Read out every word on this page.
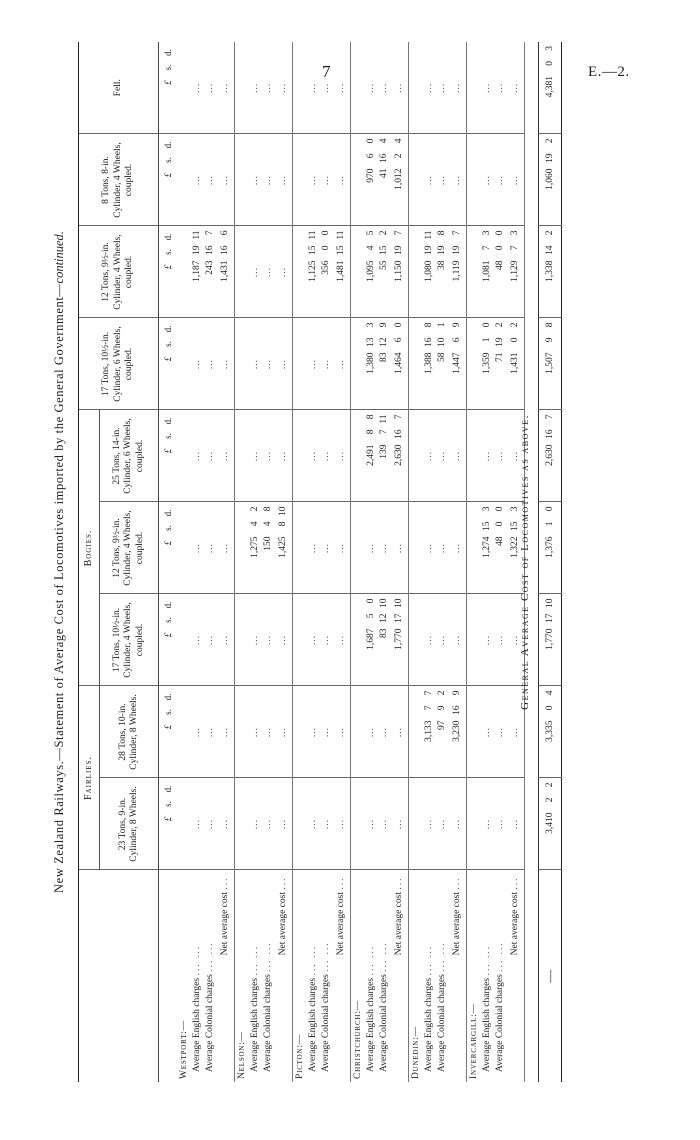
7	E.—2.
New Zealand Railways.—Statement of Average Cost of Locomotives imported by the General Government—continued.
	Fairlies.		Bogies.			17 Tons, 10½-in. Cylinder, 6 Wheels, coupled.	12 Tons, 9½-in. Cylinder, 4 Wheels, coupled.	8 Tons, 8-in. Cylinder, 4 Wheels, coupled.	Fell.
	23 Tons, 9-in. Cylinder, 8 Wheels.	28 Tons, 10-in. Cylinder, 8 Wheels.	17 Tons, 10½-in. Cylinder, 4 Wheels, coupled.	12 Tons, 9½-in. Cylinder, 4 Wheels, coupled.	25 Tons, 14-in. Cylinder, 6 Wheels, coupled.				
	£s.d.	£s.d.	£s.d.	£s.d.	£s.d.	£s.d.	£s.d.	£s.d.	£s.d.
Westport:—									
Average English charges ... ...	...	...	...	...	...	...	1,1871911	...	...
Average Colonial charges ... ...	...	...	...	...	...	...	243167	...	...
Net average cost ...	...	...	...	...	...	...	1,431166	...	...
Nelson:—									
Average English charges ... ...	...	...	...	1,27542	...	...	...	...	...
Average Colonial charges ... ...	...	...	...	15048	...	...	...	...	...
Net average cost ...	...	...	...	1,425810	...	...	...	...	...
Picton:—									
Average English charges ... ...	...	...	...	...	...	...	1,1251511	...	...
Average Colonial charges ... ...	...	...	...	...	...	...	35600	...	...
Net average cost ...	...	...	...	...	...	...	1,4811511	...	...
Christchurch:—									
Average English charges ... ...	...	...	1,68750	...	2,49188	1,380133	1,09545	97060	...
Average Colonial charges ... ...	...	...	831210	...	139711	83129	55152	41164	...
Net average cost ...	...	...	1,7701710	...	2,630167	1,46460	1,150197	1,01224	...
Dunedin:—									
Average English charges ... ...	...	3,13377	...	...	...	1,388168	1,0801911	...	...
Average Colonial charges ... ...	...	9792	...	...	...	58101	38198	...	...
Net average cost ...	...	3,230169	...	...	...	1,44769	1,119197	...	...
Invercargill:—									
Average English charges ... ...	...	...	...	1,274153	...	1,35910	1,08173	...	...
Average Colonial charges ... ...	...	...	...	4800	...	71192	4800	...	...
Net average cost ...	...	...	...	1,322153	...	1,43102	1,12973	...	...
General Average Cost of Locomotives as above.
—	3,41022	3,33504	1,7701710	1,37610	2,630167	1,50798	1,338142	1,060192	4,38103
